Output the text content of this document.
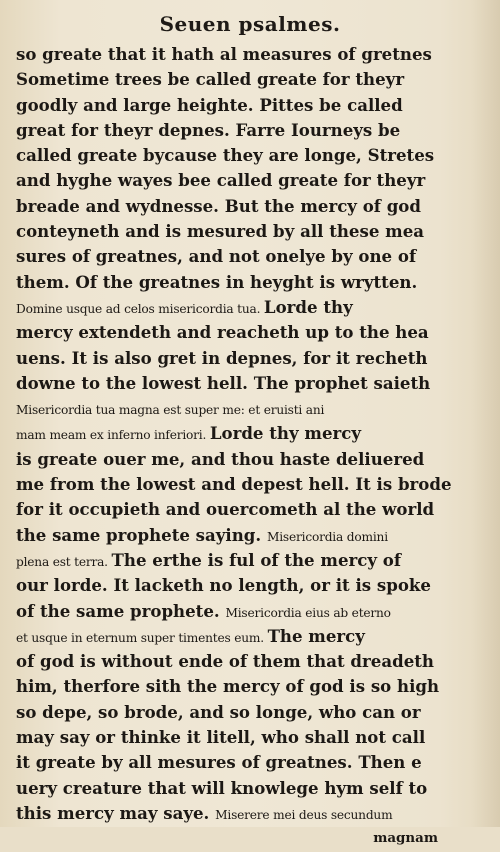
Seuen psalmes.
so greate that it hath al measures of gretnes
Sometime trees be called greate for theyr
goodly and large heighte. Pittes be called
great for theyr depnes. Farre Iourneys be
called greate bycause they are longe, Stretes
and hyghe wayes bee called greate for theyr
breade and wydnesse. But the mercy of god
conteyneth and is mesured by all these mea
sures of greatnes, and not onelye by one of
them. Of the greatnes in heyght is wrytten.
Domine usque ad celos misericordia tua. Lorde thy
mercy extendeth and reacheth up to the hea
uens. It is also gret in depnes, for it recheth
downe to the lowest hell. The prophet saieth
Misericordia tua magna est super me: et eruisti ani
mam meam ex inferno inferiori. Lorde thy mercy
is greate ouer me, and thou haste deliuered
me from the lowest and depest hell. It is brode
for it occupieth and ouercometh al the world
the same prophete saying. Misericordia domini
plena est terra. The erthe is ful of the mercy of
our lorde. It lacketh no length, or it is spoke
of the same prophete. Misericordia eius ab eterno
et usque in eternum super timentes eum. The mercy
of god is without ende of them that dreadeth
him, therfore sith the mercy of god is so high
so depe, so brode, and so longe, who can or
may say or thinke it litell, who shall not call
it greate by all mesures of greatnes. Then e
uery creature that will knowlege hym self to
this mercy may saye. Miserere mei deus secundum
magnam
